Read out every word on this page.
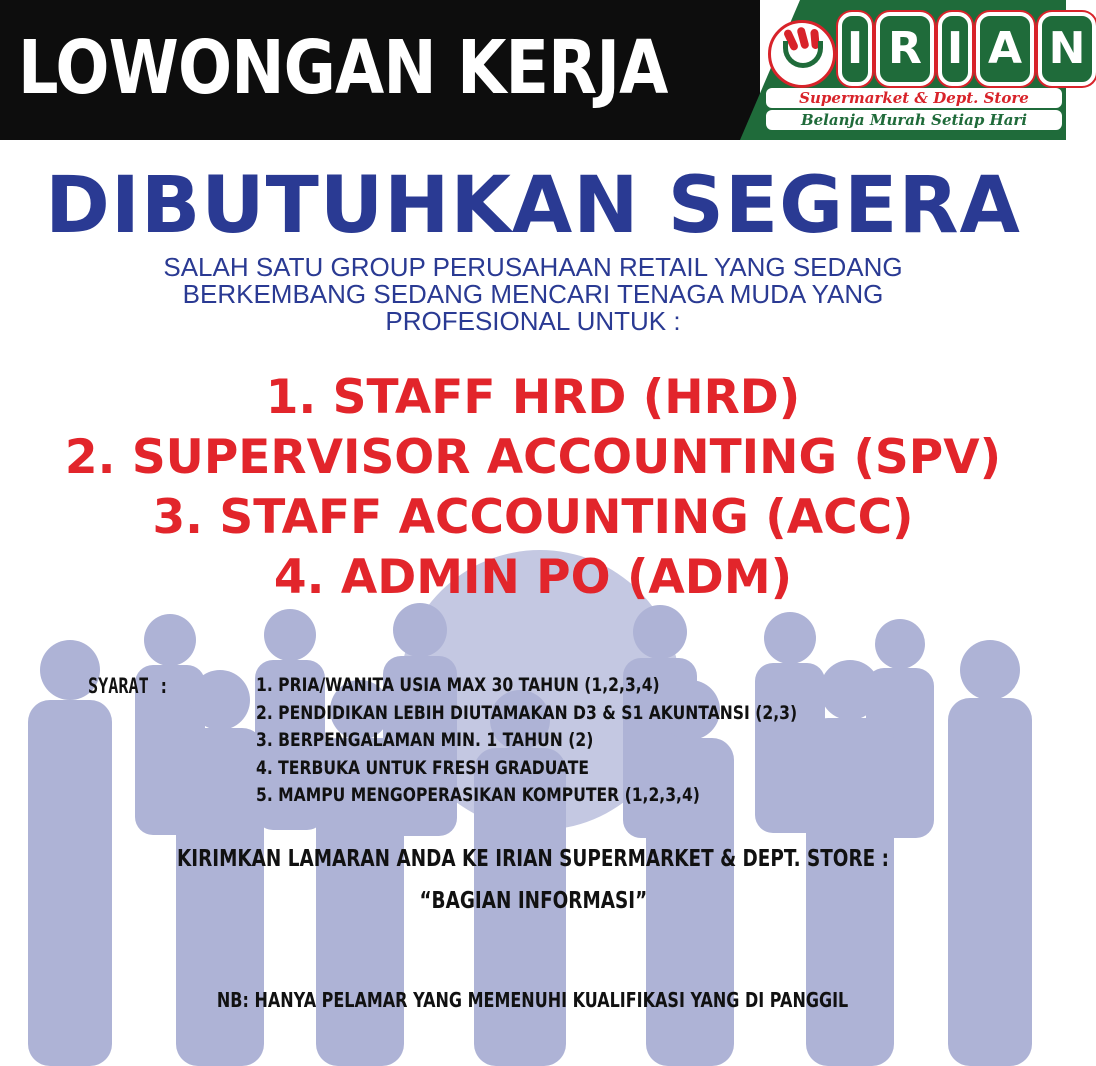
LOWONGAN KERJA	I R I A N
Supermarket & Dept. Store
Belanja Murah Setiap Hari
DIBUTUHKAN SEGERA
SALAH SATU GROUP PERUSAHAAN RETAIL YANG SEDANG
BERKEMBANG SEDANG MENCARI TENAGA MUDA YANG
PROFESIONAL UNTUK :
1. STAFF HRD (HRD)
2. SUPERVISOR ACCOUNTING (SPV)
3. STAFF ACCOUNTING (ACC)
4. ADMIN PO (ADM)
SYARAT :	1. PRIA/WANITA USIA MAX 30 TAHUN (1,2,3,4)
2. PENDIDIKAN LEBIH DIUTAMAKAN D3 & S1 AKUNTANSI (2,3)
3. BERPENGALAMAN MIN. 1 TAHUN (2)
4. TERBUKA UNTUK FRESH GRADUATE
5. MAMPU MENGOPERASIKAN KOMPUTER (1,2,3,4)
KIRIMKAN LAMARAN ANDA KE IRIAN SUPERMARKET & DEPT. STORE :
“BAGIAN INFORMASI”
NB: HANYA PELAMAR YANG MEMENUHI KUALIFIKASI YANG DI PANGGIL
